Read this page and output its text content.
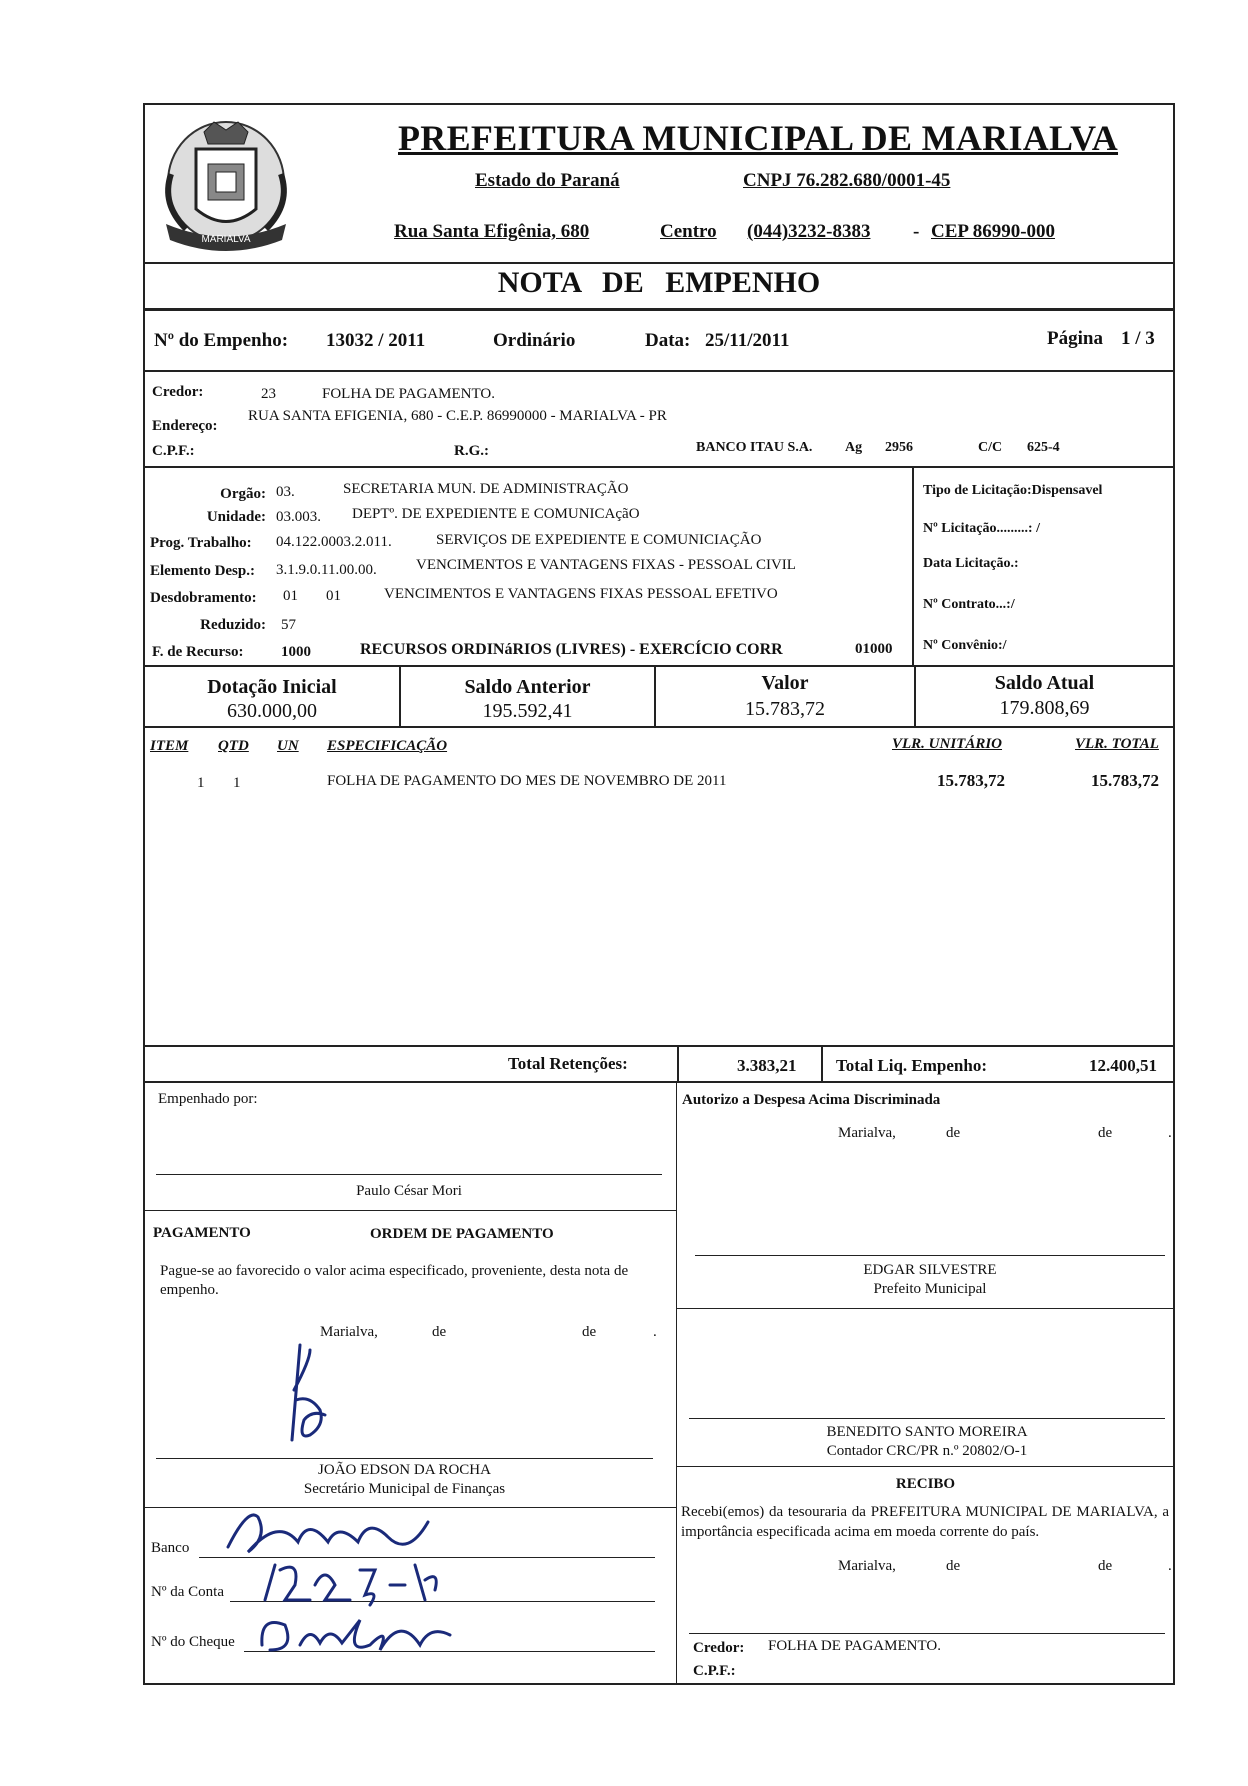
MARIALVA
PREFEITURA MUNICIPAL DE MARIALVA
Estado do Paraná	CNPJ 76.282.680/0001-45
Rua Santa Efigênia, 680	Centro (044)3232-8383 - CEP 86990-000
NOTA DE EMPENHO
Nº do Empenho: 13032 / 2011	Ordinário	Data: 25/11/2011	Página 1 / 3
Credor:	23	FOLHA DE PAGAMENTO.
Endereço:
RUA SANTA EFIGENIA, 680 - C.E.P. 86990000 - MARIALVA - PR
C.P.F.:	R.G.:	BANCO ITAU S.A. Ag 2956	C/C 625-4
Orgão: 03.	SECRETARIA MUN. DE ADMINISTRAÇÃO
Unidade: 03.003. DEPTº. DE EXPEDIENTE E COMUNICAçãO
Prog. Trabalho: 04.122.0003.2.011.	SERVIÇOS DE EXPEDIENTE E COMUNICIAÇÃO
Elemento Desp.: 3.1.9.0.11.00.00.	VENCIMENTOS E VANTAGENS FIXAS - PESSOAL CIVIL
Desdobramento: 01 01	VENCIMENTOS E VANTAGENS FIXAS PESSOAL EFETIVO
Reduzido: 57
F. de Recurso: 1000	RECURSOS ORDINáRIOS (LIVRES) - EXERCÍCIO CORR	01000
Tipo de Licitação:Dispensavel
Nº Licitação.........: /
Data Licitação.:
Nº Contrato...:/
Nº Convênio:/
Dotação Inicial
630.000,00
Saldo Anterior
195.592,41
Valor
15.783,72
Saldo Atual
179.808,69
ITEM QTD UN ESPECIFICAÇÃO	VLR. UNITÁRIO	VLR. TOTAL
1 1	FOLHA DE PAGAMENTO DO MES DE NOVEMBRO DE 2011	15.783,72	15.783,72
Total Retenções:	3.383,21 Total Liq. Empenho:	12.400,51
Empenhado por:
Paulo César Mori
PAGAMENTO	ORDEM DE PAGAMENTO
Pague-se ao favorecido o valor acima especificado, proveniente, desta nota de empenho.
Marialva,	de	de	.
JOÃO EDSON DA ROCHA
Secretário Municipal de Finanças
Banco
Nº da Conta
Nº do Cheque
Autorizo a Despesa Acima Discriminada
Marialva,	de	de	.
EDGAR SILVESTRE
Prefeito Municipal
BENEDITO SANTO MOREIRA
Contador CRC/PR n.º 20802/O-1
RECIBO
Recebi(emos) da tesouraria da PREFEITURA MUNICIPAL DE MARIALVA, a importância especificada acima em moeda corrente do país.
Marialva,	de	de	.
Credor: FOLHA DE PAGAMENTO.
C.P.F.:
